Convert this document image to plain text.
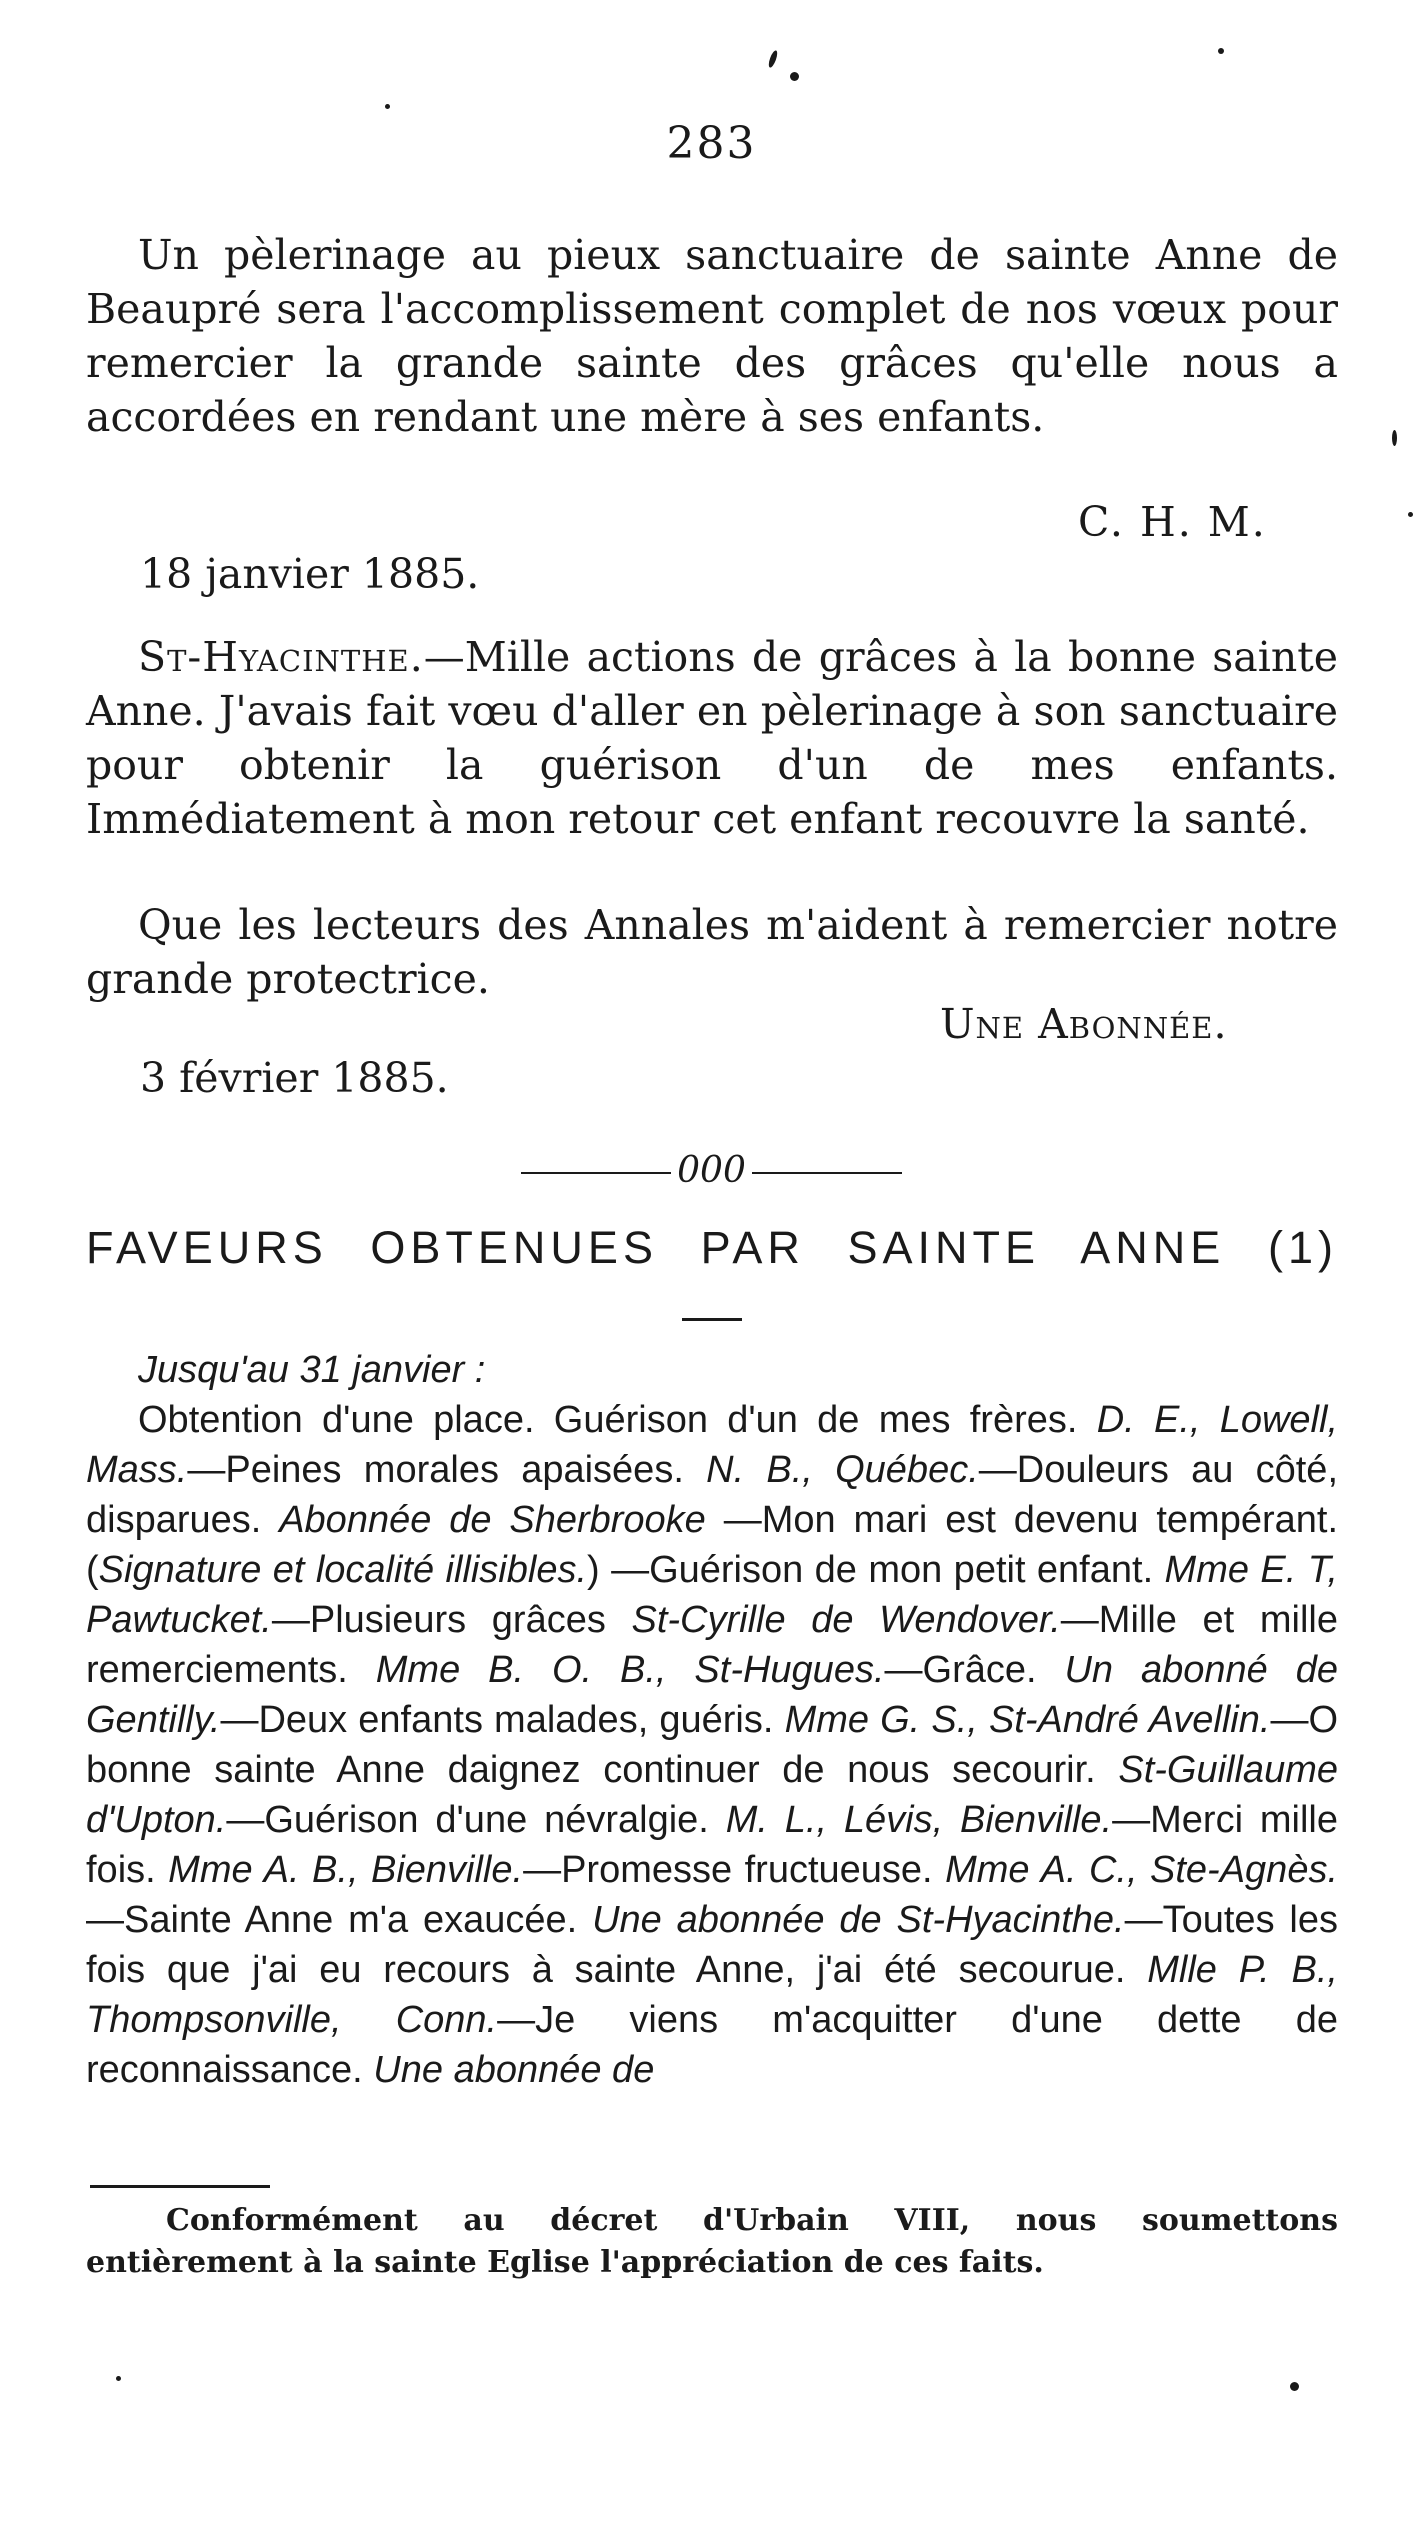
283
Un pèlerinage au pieux sanctuaire de sainte Anne de Beaupré sera l'accomplissement complet de nos vœux pour remercier la grande sainte des grâces qu'elle nous a accordées en rendant une mère à ses enfants.
C. H. M.
18 janvier 1885.
St-Hyacinthe.—Mille actions de grâces à la bonne sainte Anne. J'avais fait vœu d'aller en pèlerinage à son sanctuaire pour obtenir la guérison d'un de mes enfants. Immédiatement à mon retour cet enfant recouvre la santé.
Que les lecteurs des Annales m'aident à remercier notre grande protectrice.
Une Abonnée.
3 février 1885.
000
FAVEURS OBTENUES PAR SAINTE ANNE (1)
Jusqu'au 31 janvier :
Obtention d'une place. Guérison d'un de mes frères. D. E., Lowell, Mass.—Peines morales apaisées. N. B., Québec.—Douleurs au côté, disparues. Abonnée de Sherbrooke —Mon mari est devenu tempérant. (Signature et localité illisibles.) —Guérison de mon petit enfant. Mme E. T, Pawtucket.—Plusieurs grâces St-Cyrille de Wendover.—Mille et mille remerciements. Mme B. O. B., St-Hugues.—Grâce. Un abonné de Gentilly.—Deux enfants malades, guéris. Mme G. S., St-André Avellin.—O bonne sainte Anne daignez continuer de nous secourir. St-Guillaume d'Upton.—Guérison d'une névralgie. M. L., Lévis, Bienville.—Merci mille fois. Mme A. B., Bienville.—Promesse fructueuse. Mme A. C., Ste-Agnès.—Sainte Anne m'a exaucée. Une abonnée de St-Hyacinthe.—Toutes les fois que j'ai eu recours à sainte Anne, j'ai été secourue. Mlle P. B., Thompsonville, Conn.—Je viens m'acquitter d'une dette de reconnaissance. Une abonnée de
Conformément au décret d'Urbain VIII, nous soumettons entièrement à la sainte Eglise l'appréciation de ces faits.
